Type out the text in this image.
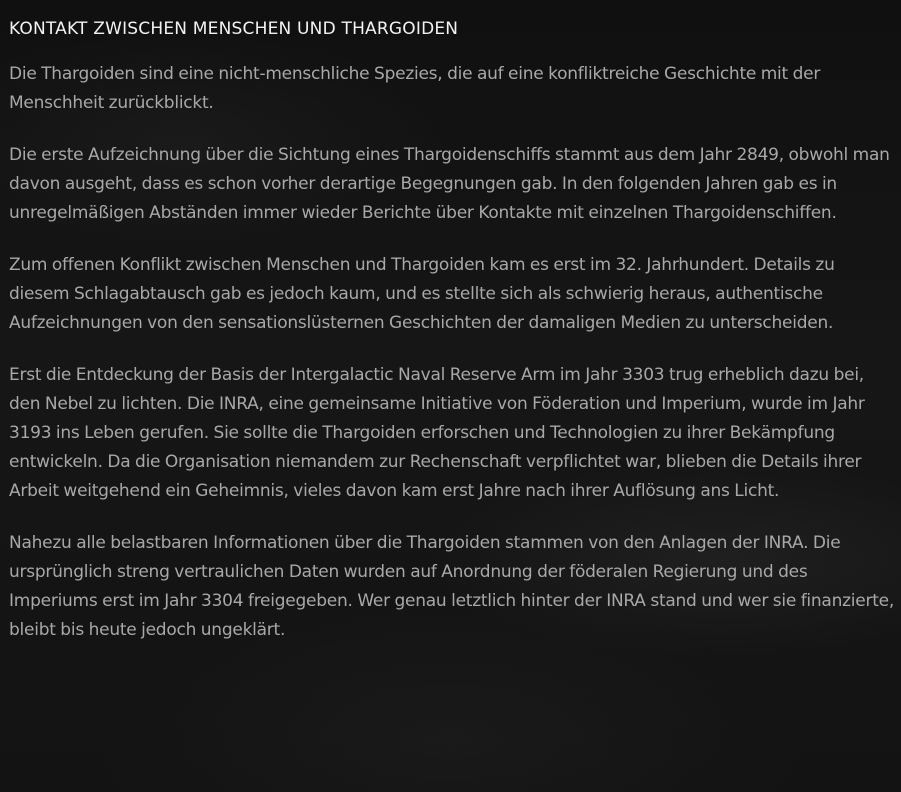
KONTAKT ZWISCHEN MENSCHEN UND THARGOIDEN

Die Thargoiden sind eine nicht-menschliche Spezies, die auf eine konfliktreiche Geschichte mit der Menschheit zurückblickt.

Die erste Aufzeichnung über die Sichtung eines Thargoidenschiffs stammt aus dem Jahr 2849, obwohl man davon ausgeht, dass es schon vorher derartige Begegnungen gab. In den folgenden Jahren gab es in unregelmäßigen Abständen immer wieder Berichte über Kontakte mit einzelnen Thargoidenschiffen.

Zum offenen Konflikt zwischen Menschen und Thargoiden kam es erst im 32. Jahrhundert. Details zu diesem Schlagabtausch gab es jedoch kaum, und es stellte sich als schwierig heraus, authentische Aufzeichnungen von den sensationslüsternen Geschichten der damaligen Medien zu unterscheiden.

Erst die Entdeckung der Basis der Intergalactic Naval Reserve Arm im Jahr 3303 trug erheblich dazu bei, den Nebel zu lichten. Die INRA, eine gemeinsame Initiative von Föderation und Imperium, wurde im Jahr 3193 ins Leben gerufen. Sie sollte die Thargoiden erforschen und Technologien zu ihrer Bekämpfung entwickeln. Da die Organisation niemandem zur Rechenschaft verpflichtet war, blieben die Details ihrer Arbeit weitgehend ein Geheimnis, vieles davon kam erst Jahre nach ihrer Auflösung ans Licht.

Nahezu alle belastbaren Informationen über die Thargoiden stammen von den Anlagen der INRA. Die ursprünglich streng vertraulichen Daten wurden auf Anordnung der föderalen Regierung und des Imperiums erst im Jahr 3304 freigegeben. Wer genau letztlich hinter der INRA stand und wer sie finanzierte, bleibt bis heute jedoch ungeklärt.
